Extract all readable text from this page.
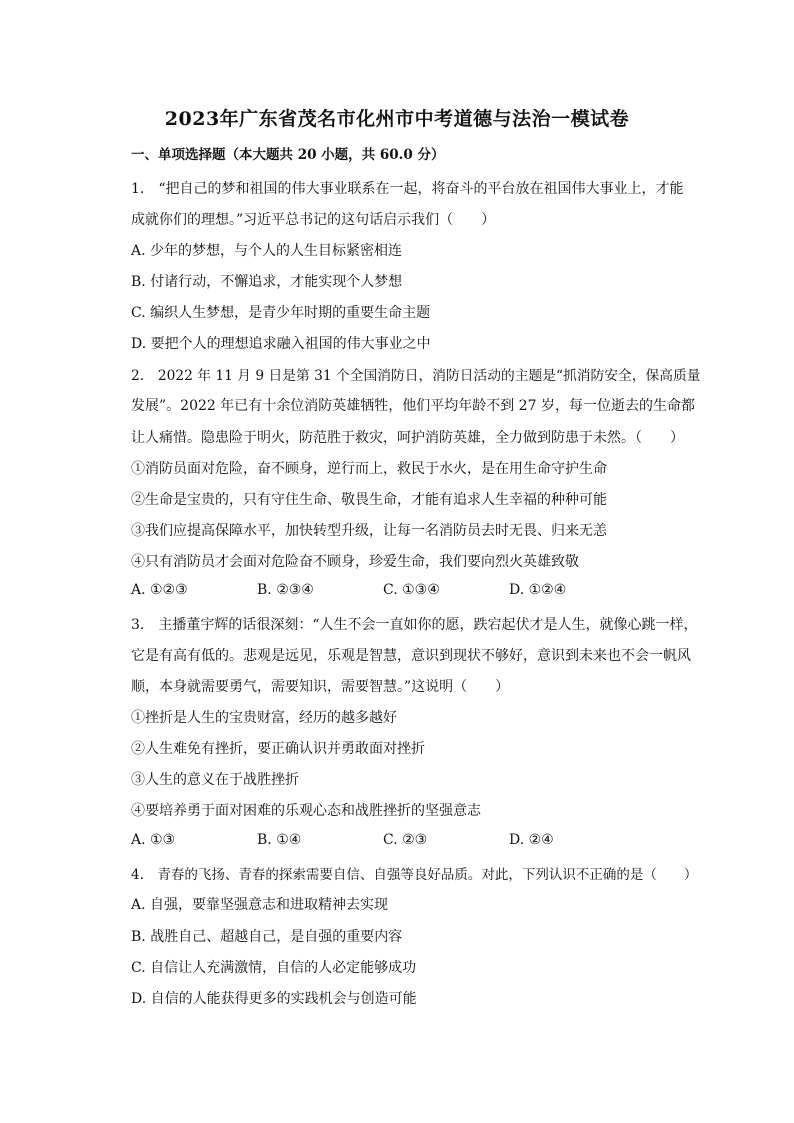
2023年广东省茂名市化州市中考道德与法治一模试卷
一、单项选择题（本大题共 20 小题，共 60.0 分）
1.　“把自己的梦和祖国的伟大事业联系在一起，将奋斗的平台放在祖国伟大事业上，才能
成就你们的理想。”习近平总书记的这句话启示我们（　　）
A. 少年的梦想，与个人的人生目标紧密相连
B. 付诸行动，不懈追求，才能实现个人梦想
C. 编织人生梦想，是青少年时期的重要生命主题
D. 要把个人的理想追求融入祖国的伟大事业之中
2.　2022 年 11 月 9 日是第 31 个全国消防日，消防日活动的主题是“抓消防安全，保高质量
发展”。2022 年已有十余位消防英雄牺牲，他们平均年龄不到 27 岁，每一位逝去的生命都
让人痛惜。隐患险于明火，防范胜于救灾，呵护消防英雄，全力做到防患于未然。（　　）
①消防员面对危险，奋不顾身，逆行而上，救民于水火，是在用生命守护生命
②生命是宝贵的，只有守住生命、敬畏生命，才能有追求人生幸福的种种可能
③我们应提高保障水平，加快转型升级，让每一名消防员去时无畏、归来无恙
④只有消防员才会面对危险奋不顾身，珍爱生命，我们要向烈火英雄致敬
A. ①②③	B. ②③④	C. ①③④	D. ①②④
3.　主播董宇辉的话很深刻：“人生不会一直如你的愿，跌宕起伏才是人生，就像心跳一样，
它是有高有低的。悲观是远见，乐观是智慧，意识到现状不够好，意识到未来也不会一帆风
顺，本身就需要勇气，需要知识，需要智慧。”这说明（　　）
①挫折是人生的宝贵财富，经历的越多越好
②人生难免有挫折，要正确认识并勇敢面对挫折
③人生的意义在于战胜挫折
④要培养勇于面对困难的乐观心态和战胜挫折的坚强意志
A. ①③	B. ①④	C. ②③	D. ②④
4.　青春的飞扬、青春的探索需要自信、自强等良好品质。对此，下列认识不正确的是（　　）
A. 自强，要靠坚强意志和进取精神去实现
B. 战胜自己、超越自己，是自强的重要内容
C. 自信让人充满激情，自信的人必定能够成功
D. 自信的人能获得更多的实践机会与创造可能
